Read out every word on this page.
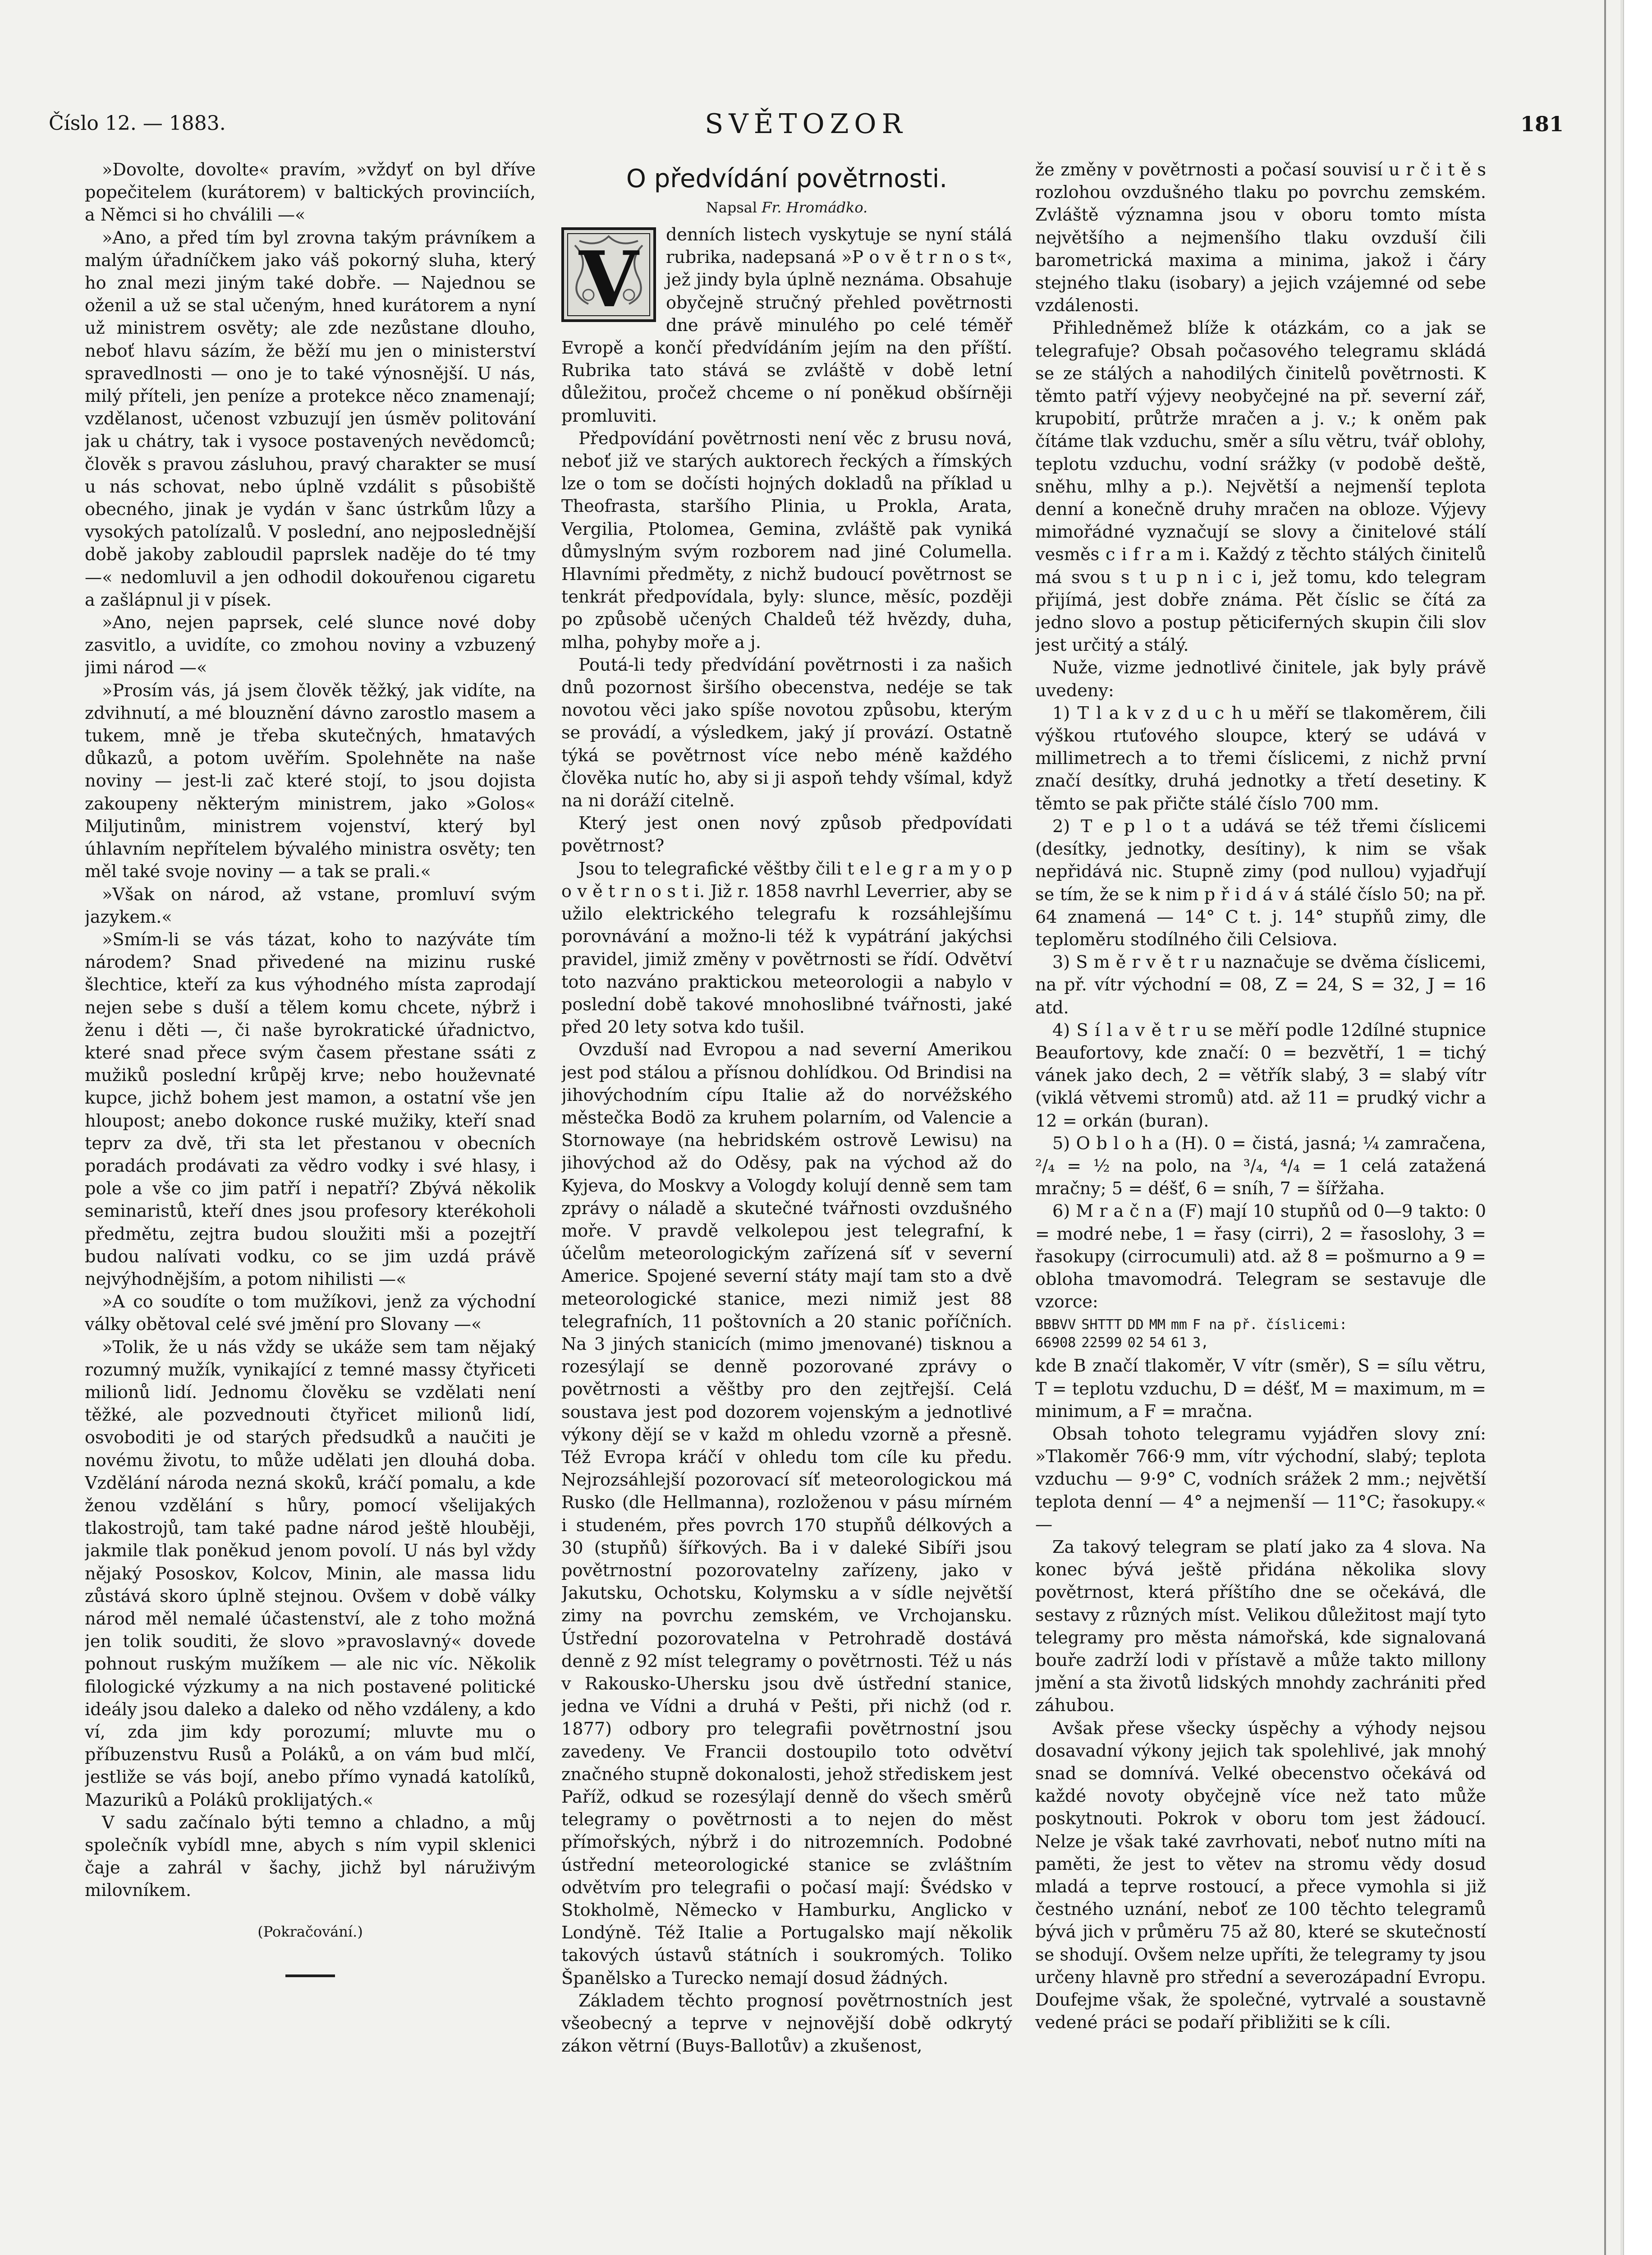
Číslo 12. — 1883.	SVĚTOZOR	181

»Dovolte, dovolte« pravím, »vždyť on byl dříve popečitelem (kurátorem) v baltických provinciích, a Němci si ho chválili —«

»Ano, a před tím byl zrovna takým právníkem a malým úřadníčkem jako váš pokorný sluha, který ho znal mezi jiným také dobře. — Najednou se oženil a už se stal učeným, hned kurátorem a nyní už ministrem osvěty; ale zde nezůstane dlouho, neboť hlavu sázím, že běží mu jen o ministerství spravedlnosti — ono je to také výnosnější. U nás, milý příteli, jen peníze a protekce něco znamenají; vzdělanost, učenost vzbuzují jen úsměv politování jak u chátry, tak i vysoce postavených nevědomců; člověk s pravou zásluhou, pravý charakter se musí u nás schovat, nebo úplně vzdálit s působiště obecného, jinak je vydán v šanc ústrkům lůzy a vysokých patolízalů. V poslední, ano nejposlednější době jakoby zabloudil paprslek naděje do té tmy —« nedomluvil a jen odhodil dokouřenou cigaretu a zašlápnul ji v písek.

»Ano, nejen paprsek, celé slunce nové doby zasvitlo, a uvidíte, co zmohou noviny a vzbuzený jimi národ —«

»Prosím vás, já jsem člověk těžký, jak vidíte, na zdvihnutí, a mé blouznění dávno zarostlo masem a tukem, mně je třeba skutečných, hmatavých důkazů, a potom uvěřím. Spolehněte na naše noviny — jest-li zač které stojí, to jsou dojista zakoupeny některým ministrem, jako »Golos« Miljutinům, ministrem vojenství, který byl úhlavním nepřítelem bývalého ministra osvěty; ten měl také svoje noviny — a tak se prali.«

»Však on národ, až vstane, promluví svým jazykem.«

»Smím-li se vás tázat, koho to nazýváte tím národem? Snad přivedené na mizinu ruské šlechtice, kteří za kus výhodného místa zaprodají nejen sebe s duší a tělem komu chcete, nýbrž i ženu i děti —, či naše byrokratické úřadnictvo, které snad přece svým časem přestane ssáti z mužiků poslední krůpěj krve; nebo houževnaté kupce, jichž bohem jest mamon, a ostatní vše jen hloupost; anebo dokonce ruské mužiky, kteří snad teprv za dvě, tři sta let přestanou v obecních poradách prodávati za vědro vodky i své hlasy, i pole a vše co jim patří i nepatří? Zbývá několik seminaristů, kteří dnes jsou profesory kterékoholi předmětu, zejtra budou sloužiti mši a pozejtří budou nalívati vodku, co se jim uzdá právě nejvýhodnějším, a potom nihilisti —«

»A co soudíte o tom mužíkovi, jenž za východní války obětoval celé své jmění pro Slovany —«

»Tolik, že u nás vždy se ukáže sem tam nějaký rozumný mužík, vynikající z temné massy čtyřiceti milionů lidí. Jednomu člověku se vzdělati není těžké, ale pozvednouti čtyřicet milionů lidí, osvoboditi je od starých předsudků a naučiti je novému životu, to může udělati jen dlouhá doba. Vzdělání národa nezná skoků, kráčí pomalu, a kde ženou vzdělání s hůry, pomocí všelijakých tlakostrojů, tam také padne národ ještě hlouběji, jakmile tlak poněkud jenom povolí. U nás byl vždy nějaký Pososkov, Kolcov, Minin, ale massa lidu zůstává skoro úplně stejnou. Ovšem v době války národ měl nemalé účastenství, ale z toho možná jen tolik souditi, že slovo »pravoslavný« dovede pohnout ruským mužíkem — ale nic víc. Několik filologické výzkumy a na nich postavené politické ideály jsou daleko a daleko od něho vzdáleny, a kdo ví, zda jim kdy porozumí; mluvte mu o příbuzenstvu Rusů a Poláků, a on vám bud mlčí, jestliže se vás bojí, anebo přímo vynadá katolíků, Mazurikû a Polákû proklijatých.«

V sadu začínalo býti temno a chladno, a můj společník vybídl mne, abych s ním vypil sklenici čaje a zahrál v šachy, jichž byl náruživým milovníkem.

(Pokračování.)
O předvídání povětrnosti.
Napsal Fr. Hromádko.
V	denních listech vyskytuje se nyní stálá rubrika, nadepsaná »P o v ě t r n o s t«, jež jindy byla úplně neznáma. Obsahuje obyčejně stručný přehled povětrnosti dne právě minulého po celé téměř Evropě a končí předvídáním jejím na den příští. Rubrika tato stává se zvláště v době letní důležitou, pročež chceme o ní poněkud obšírněji promluviti.

Předpovídání povětrnosti není věc z brusu nová, neboť již ve starých auktorech řeckých a římských lze o tom se dočísti hojných dokladů na příklad u Theofrasta, staršího Plinia, u Prokla, Arata, Vergilia, Ptolomea, Gemina, zvláště pak vyniká důmyslným svým rozborem nad jiné Columella. Hlavními předměty, z nichž budoucí povětrnost se tenkrát předpovídala, byly: slunce, měsíc, později po způsobě učených Chaldeů též hvězdy, duha, mlha, pohyby moře a j.

Poutá-li tedy předvídání povětrnosti i za našich dnů pozornost širšího obecenstva, nedéje se tak novotou věci jako spíše novotou způsobu, kterým se provádí, a výsledkem, jaký jí provází. Ostatně týká se povětrnost více nebo méně každého člověka nutíc ho, aby si ji aspoň tehdy všímal, když na ni doráží citelně.

Který jest onen nový způsob předpovídati povětrnost?

Jsou to telegrafické věštby čili t e l e g r a m y o p o v ě t r n o s t i. Již r. 1858 navrhl Leverrier, aby se užilo elektrického telegrafu k rozsáhlejšímu porovnávání a možno-li též k vypátrání jakýchsi pravidel, jimiž změny v povětrnosti se řídí. Odvětví toto nazváno praktickou meteorologii a nabylo v poslední době takové mnohoslibné tvářnosti, jaké před 20 lety sotva kdo tušil.

Ovzduší nad Evropou a nad severní Amerikou jest pod stálou a přísnou dohlídkou. Od Brindisi na jihovýchodním cípu Italie až do norvéžského městečka Bodö za kruhem polarním, od Valencie a Stornowaye (na hebridském ostrově Lewisu) na jihovýchod až do Oděsy, pak na východ až do Kyjeva, do Moskvy a Vologdy kolují denně sem tam zprávy o náladě a skutečné tvářnosti ovzdušného moře. V pravdě velkolepou jest telegrafní, k účelům meteorologickým zařízená síť v severní Americe. Spojené severní státy mají tam sto a dvě meteorologické stanice, mezi nimiž jest 88 telegrafních, 11 poštovních a 20 stanic poříčních. Na 3 jiných stanicích (mimo jmenované) tisknou a rozesýlají se denně pozorované zprávy o povětrnosti a věštby pro den zejtřejší. Celá soustava jest pod dozorem vojenským a jednotlivé výkony dějí se v každ m ohledu vzorně a přesně. Též Evropa kráčí v ohledu tom cíle ku předu. Nejrozsáhlejší pozorovací síť meteorologickou má Rusko (dle Hellmanna), rozloženou v pásu mírném i studeném, přes povrch 170 stupňů délkových a 30 (stupňů) šířkových. Ba i v daleké Sibíři jsou povětrnostní pozorovatelny zařízeny, jako v Jakutsku, Ochotsku, Kolymsku a v sídle největší zimy na povrchu zemském, ve Vrchojansku. Ústřední pozorovatelna v Petrohradě dostává denně z 92 míst telegramy o povětrnosti. Též u nás v Rakousko-Uhersku jsou dvě ústřední stanice, jedna ve Vídni a druhá v Pešti, při nichž (od r. 1877) odbory pro telegrafii povětrnostní jsou zavedeny. Ve Francii dostoupilo toto odvětví značného stupně dokonalosti, jehož střediskem jest Paříž, odkud se rozesýlají denně do všech směrů telegramy o povětrnosti a to nejen do měst přímořských, nýbrž i do nitrozemních. Podobné ústřední meteorologické stanice se zvláštním odvětvím pro telegrafii o počasí mají: Švédsko v Stokholmě, Německo v Hamburku, Anglicko v Londýně. Též Italie a Portugalsko mají několik takových ústavů státních i soukromých. Toliko Španělsko a Turecko nemají dosud žádných.

Základem těchto prognosí povětrnostních jest všeobecný a teprve v nejnovější době odkrytý zákon větrní (Buys-Ballotův) a zkušenost,

že změny v povětrnosti a počasí souvisí u r č i t ě s rozlohou ovzdušného tlaku po povrchu zemském. Zvláště významna jsou v oboru tomto místa největšího a nejmenšího tlaku ovzduší čili barometrická maxima a minima, jakož i čáry stejného tlaku (isobary) a jejich vzájemné od sebe vzdálenosti.

Přihledněmež blíže k otázkám, co a jak se telegrafuje? Obsah počasového telegramu skládá se ze stálých a nahodilých činitelů povětrnosti. K těmto patří výjevy neobyčejné na př. severní zář, krupobití, průtrže mračen a j. v.; k oněm pak čítáme tlak vzduchu, směr a sílu větru, tvář oblohy, teplotu vzduchu, vodní srážky (v podobě deště, sněhu, mlhy a p.). Největší a nejmenší teplota denní a konečně druhy mračen na obloze. Výjevy mimořádné vyznačují se slovy a činitelové stálí vesměs c i f r a m i. Každý z těchto stálých činitelů má svou s t u p n i c i, jež tomu, kdo telegram přijímá, jest dobře známa. Pět číslic se čítá za jedno slovo a postup pěticiferných skupin čili slov jest určitý a stálý.

Nuže, vizme jednotlivé činitele, jak byly právě uvedeny:

1) T l a k v z d u c h u měří se tlakoměrem, čili výškou rtuťového sloupce, který se udává v millimetrech a to třemi číslicemi, z nichž první značí desítky, druhá jednotky a třetí desetiny. K těmto se pak přičte stálé číslo 700 mm.

2) T e p l o t a udává se též třemi číslicemi (desítky, jednotky, desítiny), k nim se však nepřidává nic. Stupně zimy (pod nullou) vyjadřují se tím, že se k nim p ř i d á v á stálé číslo 50; na př. 64 znamená — 14° C t. j. 14° stupňů zimy, dle teploměru stodílného čili Celsiova.

3) S m ě r v ě t r u naznačuje se dvěma číslicemi, na př. vítr východní = 08, Z = 24, S = 32, J = 16 atd.

4) S í l a v ě t r u se měří podle 12dílné stupnice Beaufortovy, kde značí: 0 = bezvětří, 1 = tichý vánek jako dech, 2 = větřík slabý, 3 = slabý vítr (viklá větvemi stromů) atd. až 11 = prudký vichr a 12 = orkán (buran).

5) O b l o h a (H). 0 = čistá, jasná; ¼ zamračena, ²/₄ = ½ na polo, na ³/₄, ⁴/₄ = 1 celá zatažená mračny; 5 = déšť, 6 = sníh, 7 = šířžaha.

6) M r a č n a (F) mají 10 stupňů od 0—9 takto: 0 = modré nebe, 1 = řasy (cirri), 2 = řasoslohy, 3 = řasokupy (cirrocumuli) atd. až 8 = pošmurno a 9 = obloha tmavomodrá. Telegram se sestavuje dle vzorce:

BBBVV SHTTT DD MM mm F na př. číslicemi:
66908 22599 02 54 61 3,

kde B značí tlakoměr, V vítr (směr), S = sílu větru, T = teplotu vzduchu, D = déšť, M = maximum, m = minimum, a F = mračna.

Obsah tohoto telegramu vyjádřen slovy zní: »Tlakoměr 766·9 mm, vítr východní, slabý; teplota vzduchu — 9·9° C, vodních srážek 2 mm.; největší teplota denní — 4° a nejmenší — 11°C; řasokupy.« —

Za takový telegram se platí jako za 4 slova. Na konec bývá ještě přidána několika slovy povětrnost, která příštího dne se očekává, dle sestavy z různých míst. Velikou důležitost mají tyto telegramy pro města námořská, kde signalovaná bouře zadrží lodi v přístavě a může takto millony jmění a sta životů lidských mnohdy zachrániti před záhubou.

Avšak přese všecky úspěchy a výhody nejsou dosavadní výkony jejich tak spolehlivé, jak mnohý snad se domnívá. Velké obecenstvo očekává od každé novoty obyčejně více než tato může poskytnouti. Pokrok v oboru tom jest žádoucí. Nelze je však také zavrhovati, neboť nutno míti na paměti, že jest to větev na stromu vědy dosud mladá a teprve rostoucí, a přece vymohla si již čestného uznání, neboť ze 100 těchto telegramů bývá jich v průměru 75 až 80, které se skutečností se shodují. Ovšem nelze upříti, že telegramy ty jsou určeny hlavně pro střední a severozápadní Evropu. Doufejme však, že společné, vytrvalé a soustavně vedené práci se podaří přibližiti se k cíli.
